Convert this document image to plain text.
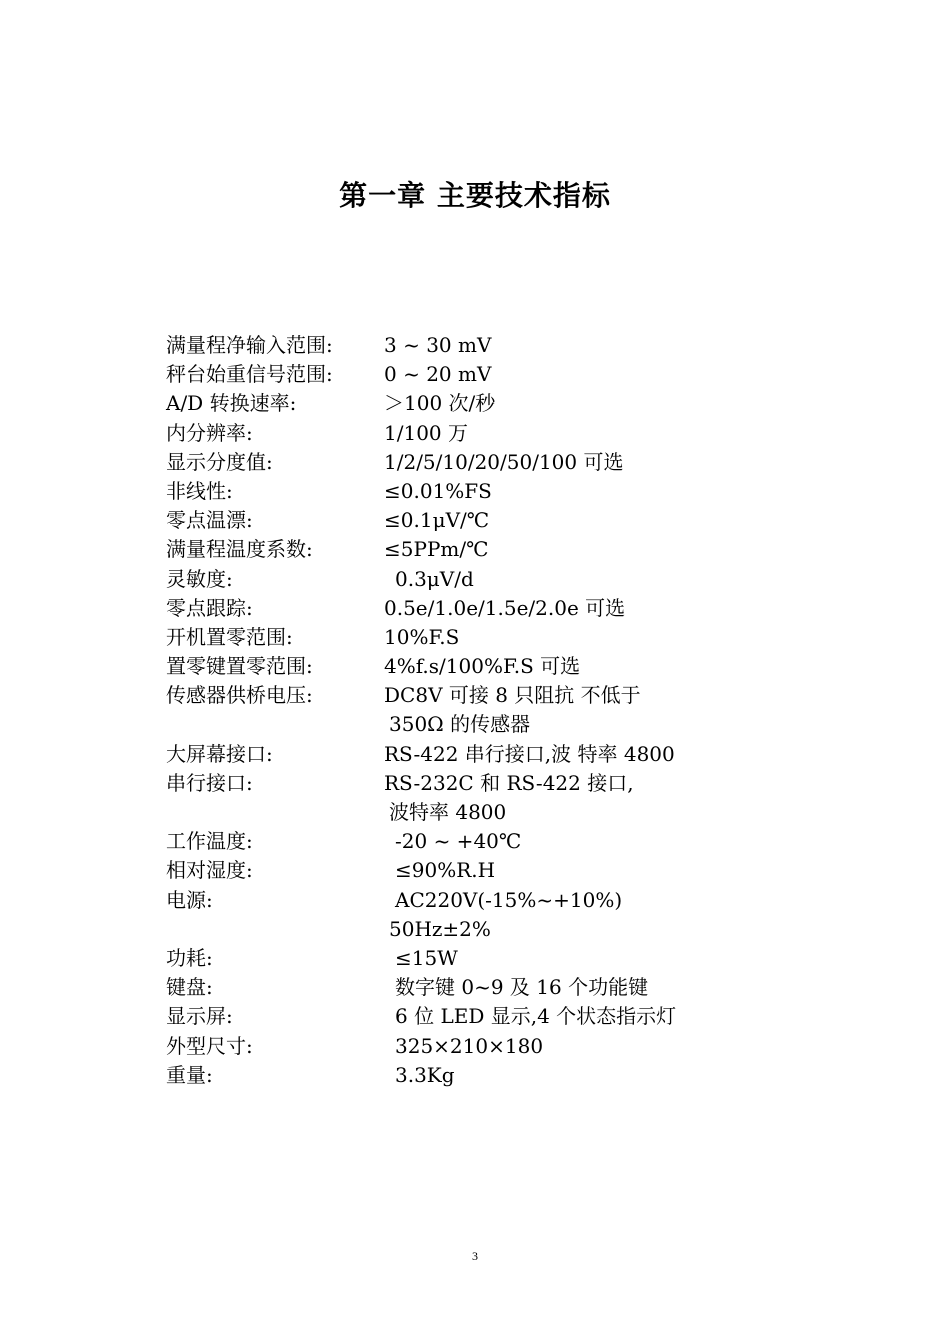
第一章 主要技术指标
满量程净输入范围:	3 ~ 30 mV
秤台始重信号范围:	0 ~ 20 mV
A/D 转换速率:	＞100 次/秒
内分辨率:	1/100 万
显示分度值:	1/2/5/10/20/50/100 可选
非线性:	≤0.01%FS
零点温漂:	≤0.1μV/℃
满量程温度系数:	≤5PPm/℃
灵敏度:	0.3μV/d
零点跟踪:	0.5e/1.0e/1.5e/2.0e 可选
开机置零范围:	10%F.S
置零键置零范围:	4%f.s/100%F.S 可选
传感器供桥电压:	DC8V 可接 8 只阻抗 不低于
350Ω 的传感器
大屏幕接口:	RS-422 串行接口,波 特率 4800
串行接口:	RS-232C 和 RS-422 接口,
波特率 4800
工作温度:	-20 ~ +40℃
相对湿度:	≤90%R.H
电源:	AC220V(-15%~+10%)
50Hz±2%
功耗:	≤15W
键盘:	数字键 0~9 及 16 个功能键
显示屏:	6 位 LED 显示,4 个状态指示灯
外型尺寸:	325×210×180
重量:	3.3Kg
3
